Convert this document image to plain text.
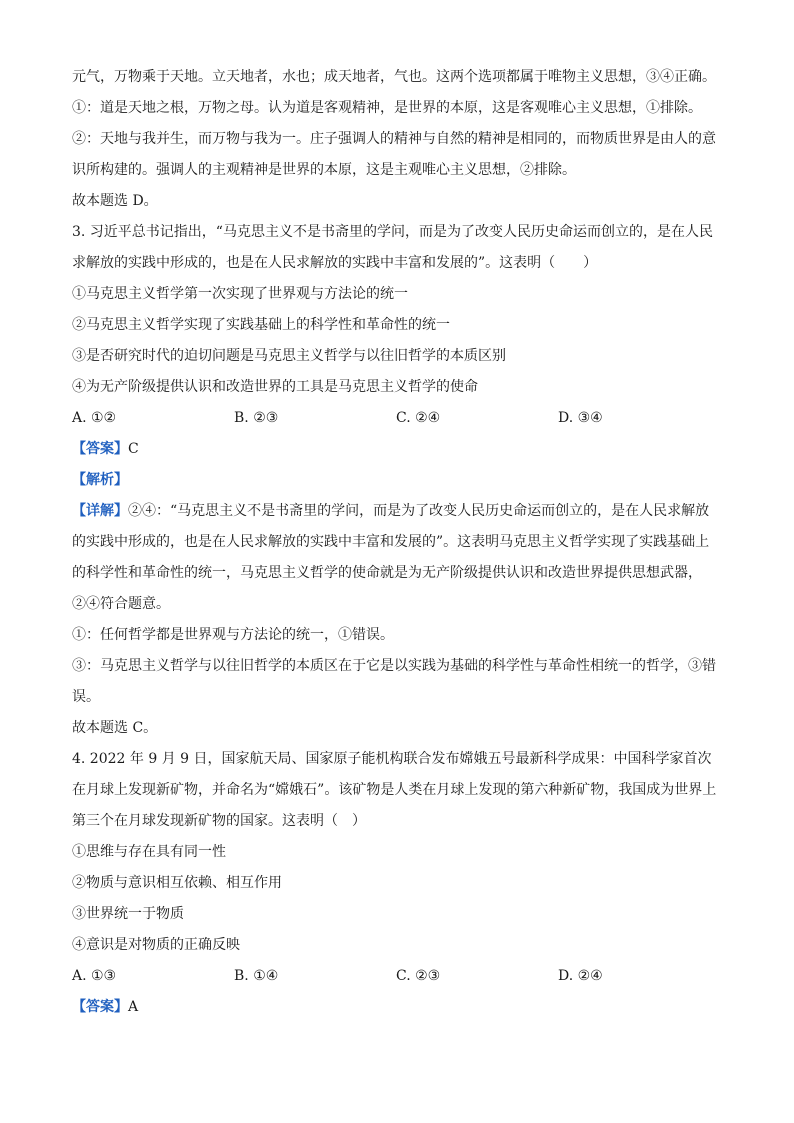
元气，万物乘于天地。立天地者，水也；成天地者，气也。这两个选项都属于唯物主义思想，③④正确。
①：道是天地之根，万物之母。认为道是客观精神，是世界的本原，这是客观唯心主义思想，①排除。
②：天地与我并生，而万物与我为一。庄子强调人的精神与自然的精神是相同的，而物质世界是由人的意识所构建的。强调人的主观精神是世界的本原，这是主观唯心主义思想，②排除。
故本题选 D。
3. 习近平总书记指出，“马克思主义不是书斋里的学问，而是为了改变人民历史命运而创立的，是在人民求解放的实践中形成的，也是在人民求解放的实践中丰富和发展的”。这表明（　　）
①马克思主义哲学第一次实现了世界观与方法论的统一
②马克思主义哲学实现了实践基础上的科学性和革命性的统一
③是否研究时代的迫切问题是马克思主义哲学与以往旧哲学的本质区别
④为无产阶级提供认识和改造世界的工具是马克思主义哲学的使命
A. ①②	B. ②③	C. ②④	D. ③④
【答案】C
【解析】
【详解】②④：“马克思主义不是书斋里的学问，而是为了改变人民历史命运而创立的，是在人民求解放的实践中形成的，也是在人民求解放的实践中丰富和发展的”。这表明马克思主义哲学实现了实践基础上的科学性和革命性的统一，马克思主义哲学的使命就是为无产阶级提供认识和改造世界提供思想武器，②④符合题意。
①：任何哲学都是世界观与方法论的统一，①错误。
③：马克思主义哲学与以往旧哲学的本质区在于它是以实践为基础的科学性与革命性相统一的哲学，③错误。
故本题选 C。
4. 2022 年 9 月 9 日，国家航天局、国家原子能机构联合发布嫦娥五号最新科学成果：中国科学家首次在月球上发现新矿物，并命名为“嫦娥石”。该矿物是人类在月球上发现的第六种新矿物，我国成为世界上第三个在月球发现新矿物的国家。这表明（　）
①思维与存在具有同一性
②物质与意识相互依赖、相互作用
③世界统一于物质
④意识是对物质的正确反映
A. ①③	B. ①④	C. ②③	D. ②④
【答案】A
